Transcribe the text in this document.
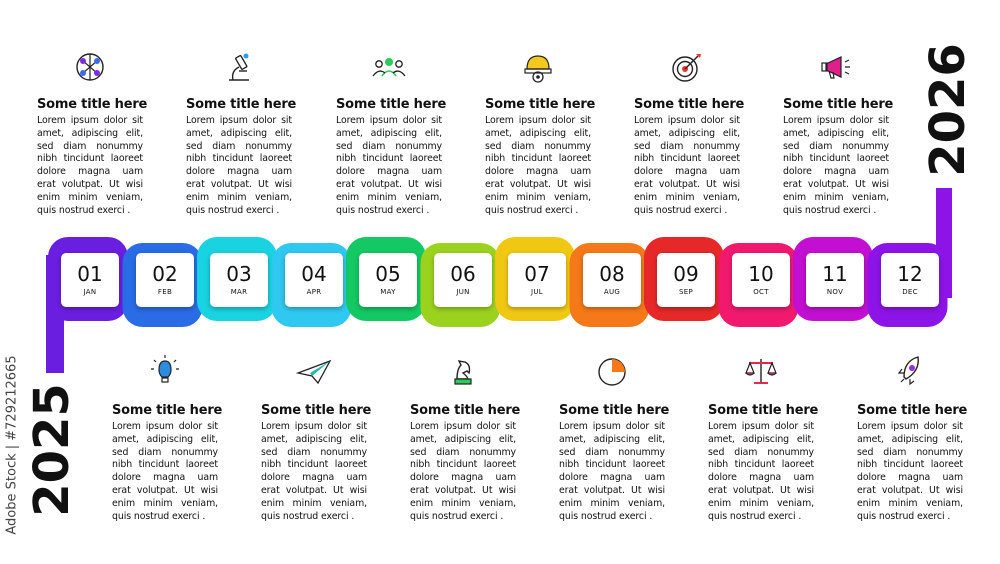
2026
2025
Adobe Stock | #729212665
01
JAN
02
FEB
03
MAR
04
APR
05
MAY
06
JUN
07
JUL
08
AUG
09
SEP
10
OCT
11
NOV
12
DEC
Some title here
Lorem ipsum dolor sit amet, adipiscing elit, sed diam nonummy nibh tincidunt laoreet dolore magna uam erat volutpat. Ut wisi enim minim veniam, quis nostrud exerci .
Some title here
Lorem ipsum dolor sit amet, adipiscing elit, sed diam nonummy nibh tincidunt laoreet dolore magna uam erat volutpat. Ut wisi enim minim veniam, quis nostrud exerci .
Some title here
Lorem ipsum dolor sit amet, adipiscing elit, sed diam nonummy nibh tincidunt laoreet dolore magna uam erat volutpat. Ut wisi enim minim veniam, quis nostrud exerci .
Some title here
Lorem ipsum dolor sit amet, adipiscing elit, sed diam nonummy nibh tincidunt laoreet dolore magna uam erat volutpat. Ut wisi enim minim veniam, quis nostrud exerci .
Some title here
Lorem ipsum dolor sit amet, adipiscing elit, sed diam nonummy nibh tincidunt laoreet dolore magna uam erat volutpat. Ut wisi enim minim veniam, quis nostrud exerci .
Some title here
Lorem ipsum dolor sit amet, adipiscing elit, sed diam nonummy nibh tincidunt laoreet dolore magna uam erat volutpat. Ut wisi enim minim veniam, quis nostrud exerci .
Some title here
Lorem ipsum dolor sit amet, adipiscing elit, sed diam nonummy nibh tincidunt laoreet dolore magna uam erat volutpat. Ut wisi enim minim veniam, quis nostrud exerci .
Some title here
Lorem ipsum dolor sit amet, adipiscing elit, sed diam nonummy nibh tincidunt laoreet dolore magna uam erat volutpat. Ut wisi enim minim veniam, quis nostrud exerci .
Some title here
Lorem ipsum dolor sit amet, adipiscing elit, sed diam nonummy nibh tincidunt laoreet dolore magna uam erat volutpat. Ut wisi enim minim veniam, quis nostrud exerci .
Some title here
Lorem ipsum dolor sit amet, adipiscing elit, sed diam nonummy nibh tincidunt laoreet dolore magna uam erat volutpat. Ut wisi enim minim veniam, quis nostrud exerci .
Some title here
Lorem ipsum dolor sit amet, adipiscing elit, sed diam nonummy nibh tincidunt laoreet dolore magna uam erat volutpat. Ut wisi enim minim veniam, quis nostrud exerci .
Some title here
Lorem ipsum dolor sit amet, adipiscing elit, sed diam nonummy nibh tincidunt laoreet dolore magna uam erat volutpat. Ut wisi enim minim veniam, quis nostrud exerci .
